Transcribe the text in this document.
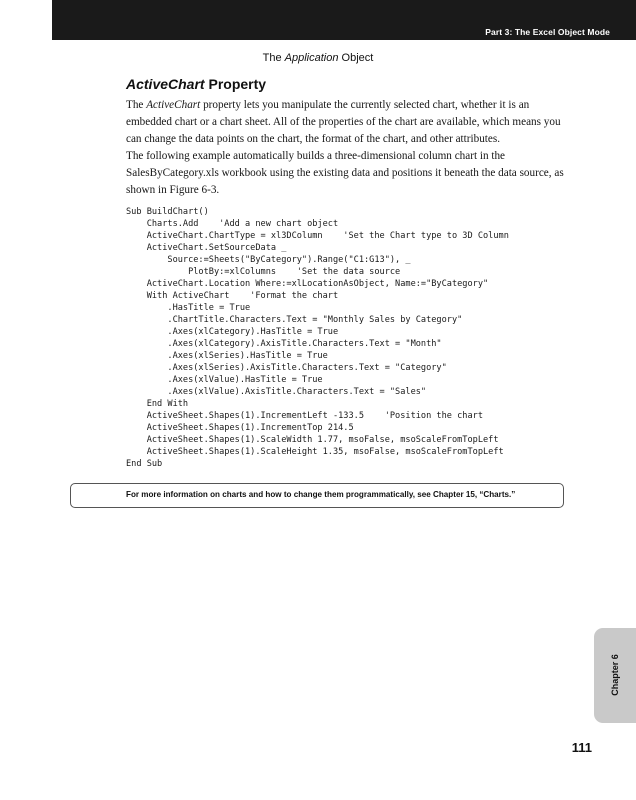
Part 3: The Excel Object Mode
The Application Object
ActiveChart Property

The ActiveChart property lets you manipulate the currently selected chart, whether it is an embedded chart or a chart sheet. All of the properties of the chart are available, which means you can change the data points on the chart, the format of the chart, and other attributes.

The following example automatically builds a three-dimensional column chart in the SalesByCategory.xls workbook using the existing data and positions it beneath the data source, as shown in Figure 6-3.

Sub BuildChart()
Charts.Add    'Add a new chart object
ActiveChart.ChartType = xl3DColumn    'Set the Chart type to 3D Column
ActiveChart.SetSourceData _
Source:=Sheets("ByCategory").Range("C1:G13"), _
PlotBy:=xlColumns    'Set the data source
ActiveChart.Location Where:=xlLocationAsObject, Name:="ByCategory"
With ActiveChart    'Format the chart
.HasTitle = True
.ChartTitle.Characters.Text = "Monthly Sales by Category"
.Axes(xlCategory).HasTitle = True
.Axes(xlCategory).AxisTitle.Characters.Text = "Month"
.Axes(xlSeries).HasTitle = True
.Axes(xlSeries).AxisTitle.Characters.Text = "Category"
.Axes(xlValue).HasTitle = True
.Axes(xlValue).AxisTitle.Characters.Text = "Sales"
End With
ActiveSheet.Shapes(1).IncrementLeft -133.5    'Position the chart
ActiveSheet.Shapes(1).IncrementTop 214.5
ActiveSheet.Shapes(1).ScaleWidth 1.77, msoFalse, msoScaleFromTopLeft
ActiveSheet.Shapes(1).ScaleHeight 1.35, msoFalse, msoScaleFromTopLeft
End Sub
For more information on charts and how to change them programmatically, see Chapter 15, “Charts.”
Chapter 6
111
